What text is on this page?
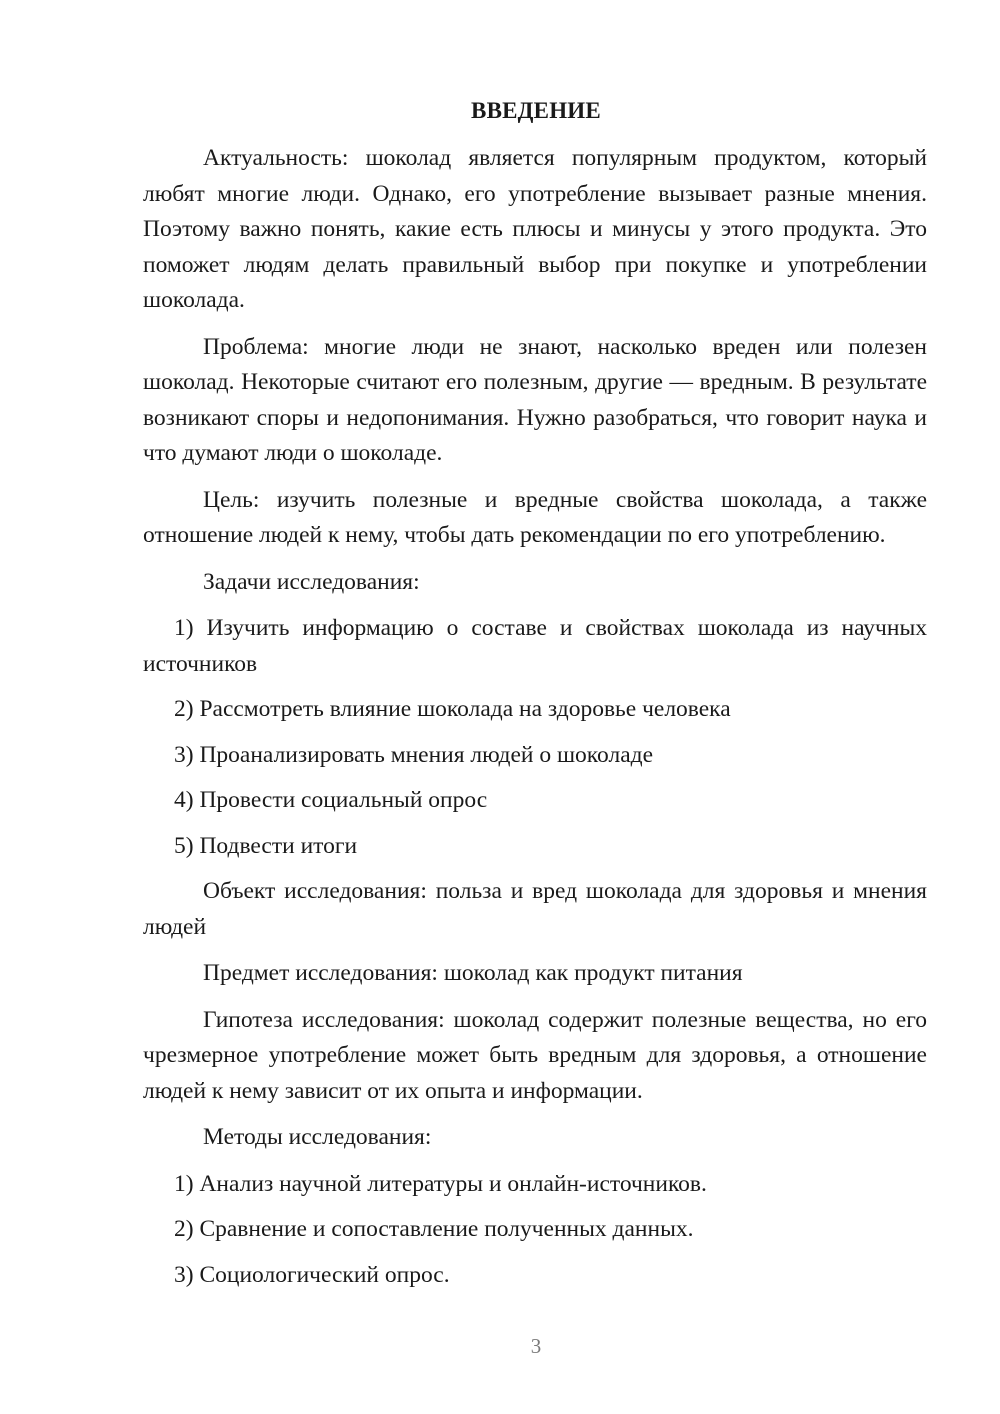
ВВЕДЕНИЕ

Актуальность: шоколад является популярным продуктом, который любят многие люди. Однако, его употребление вызывает разные мнения. Поэтому важно понять, какие есть плюсы и минусы у этого продукта. Это поможет людям делать правильный выбор при покупке и употреблении шоколада.

Проблема: многие люди не знают, насколько вреден или полезен шоколад. Некоторые считают его полезным, другие — вредным. В результате возникают споры и недопонимания. Нужно разобраться, что говорит наука и что думают люди о шоколаде.

Цель: изучить полезные и вредные свойства шоколада, а также отношение людей к нему, чтобы дать рекомендации по его употреблению.

Задачи исследования:

1) Изучить информацию о составе и свойствах шоколада из научных источников

2) Рассмотреть влияние шоколада на здоровье человека

3) Проанализировать мнения людей о шоколаде

4) Провести социальный опрос

5) Подвести итоги

Объект исследования: польза и вред шоколада для здоровья и мнения людей

Предмет исследования: шоколад как продукт питания

Гипотеза исследования: шоколад содержит полезные вещества, но его чрезмерное употребление может быть вредным для здоровья, а отношение людей к нему зависит от их опыта и информации.

Методы исследования:

1) Анализ научной литературы и онлайн-источников.

2) Сравнение и сопоставление полученных данных.

3) Социологический опрос.

3
